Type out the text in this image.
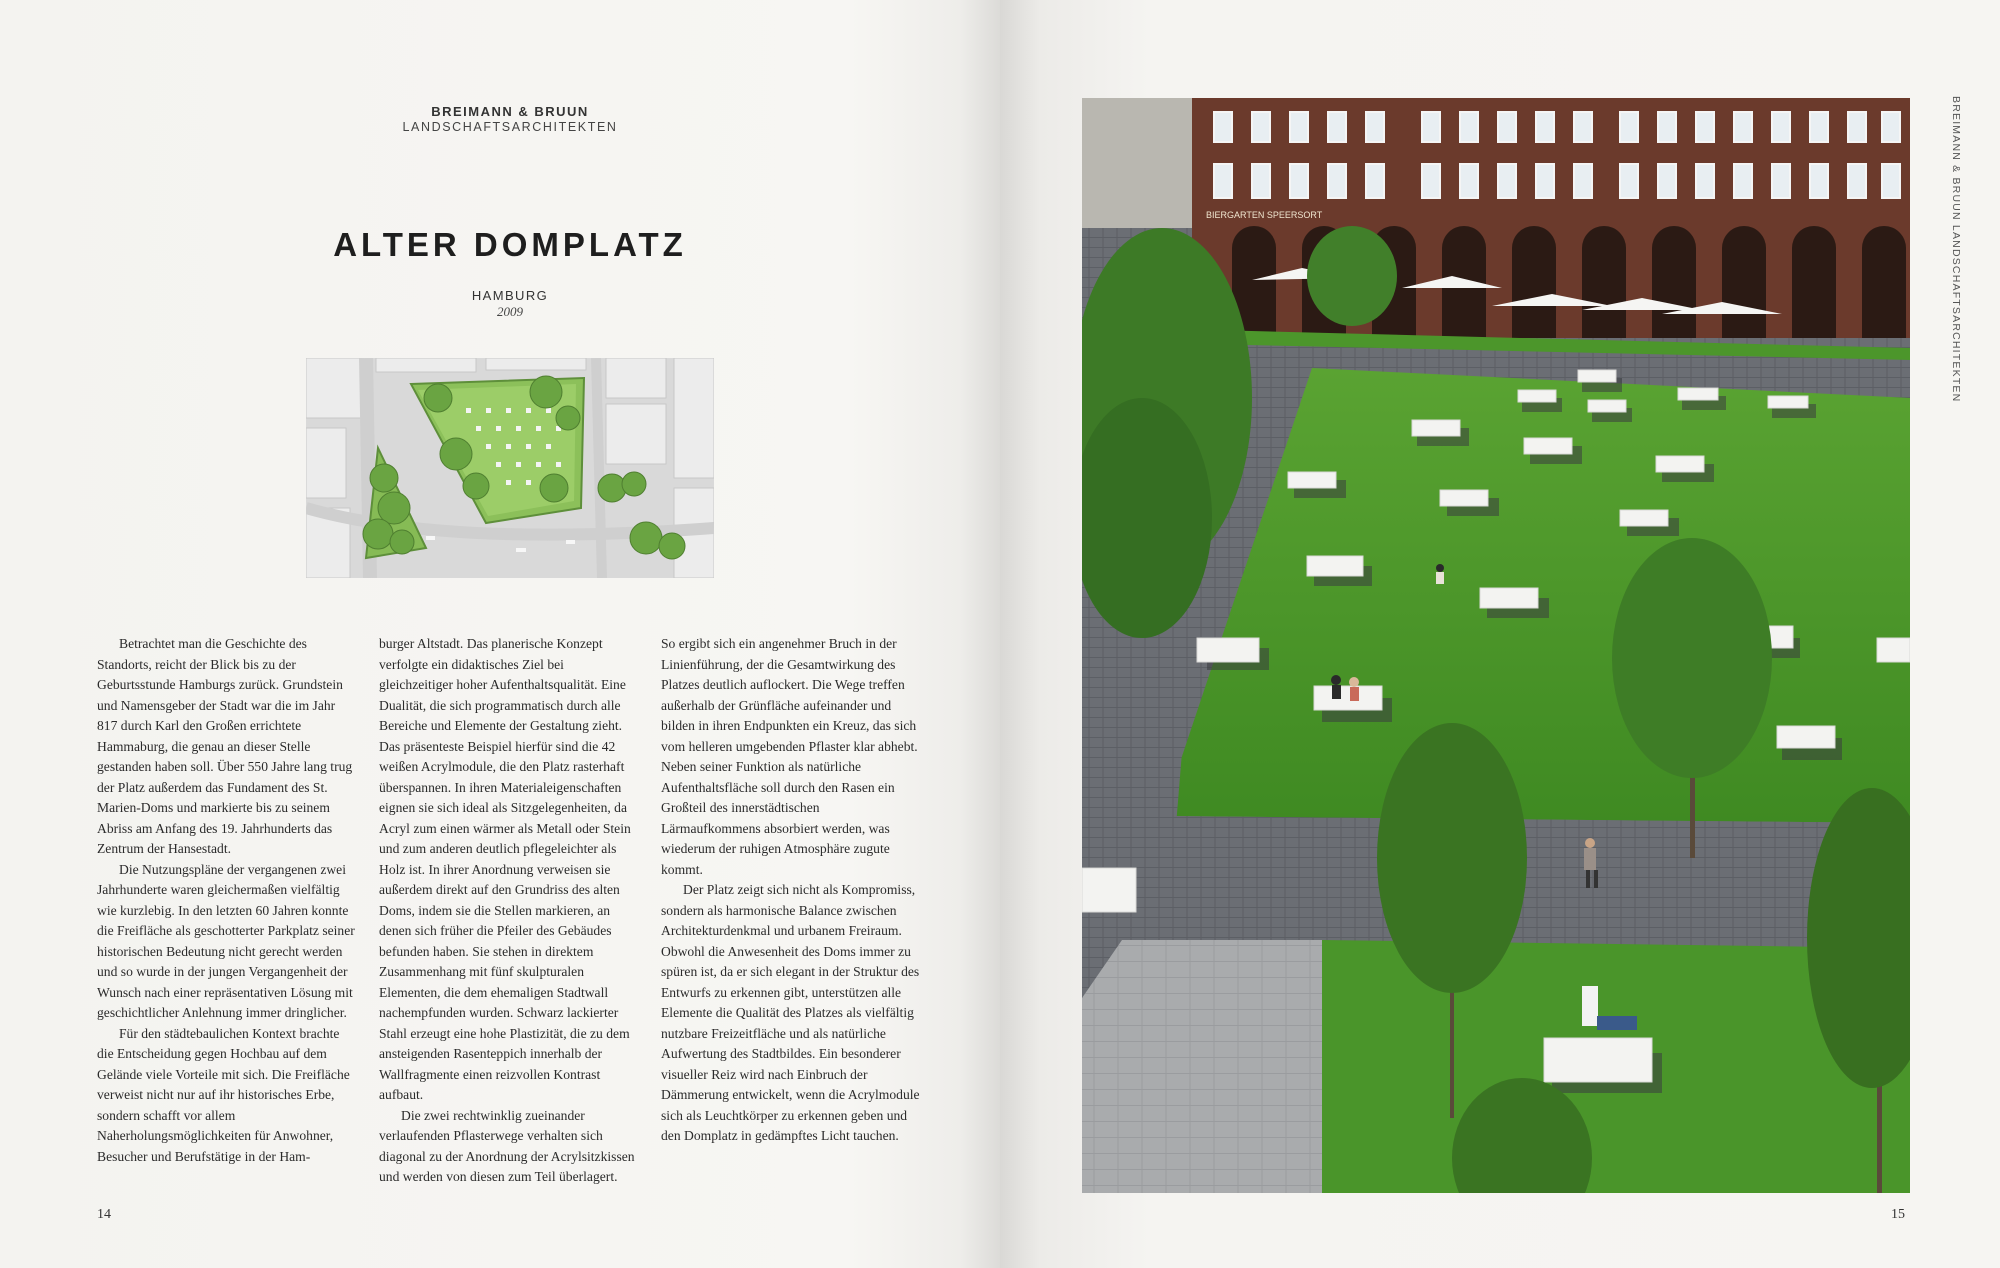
BREIMANN & BRUUN
LANDSCHAFTSARCHITEKTEN
ALTER DOMPLATZ
HAMBURG
2009

Betrachtet man die Geschichte des Standorts, reicht der Blick bis zu der Geburtsstunde Hamburgs zurück. Grundstein und Namensgeber der Stadt war die im Jahr 817 durch Karl den Großen errichtete Hammaburg, die genau an dieser Stelle gestanden haben soll. Über 550 Jahre lang trug der Platz außerdem das Fundament des St. Marien-Doms und markierte bis zu seinem Abriss am Anfang des 19. Jahrhunderts das Zentrum der Hansestadt.

Die Nutzungspläne der vergangenen zwei Jahrhunderte waren gleichermaßen vielfältig wie kurzlebig. In den letzten 60 Jahren konnte die Freifläche als geschotterter Parkplatz seiner historischen Bedeutung nicht gerecht werden und so wurde in der jungen Vergangenheit der Wunsch nach einer repräsentativen Lösung mit geschichtlicher Anlehnung immer dringlicher.

Für den städtebaulichen Kontext brachte die Entscheidung gegen Hochbau auf dem Gelände viele Vorteile mit sich. Die Freifläche verweist nicht nur auf ihr historisches Erbe, sondern schafft vor allem Naherholungsmöglichkeiten für Anwohner, Besucher und Berufstätige in der Ham-

burger Altstadt. Das planerische Konzept verfolgte ein didaktisches Ziel bei gleichzeitiger hoher Aufenthaltsqualität. Eine Dualität, die sich programmatisch durch alle Bereiche und Elemente der Gestaltung zieht. Das präsenteste Beispiel hierfür sind die 42 weißen Acrylmodule, die den Platz rasterhaft überspannen. In ihren Materialeigenschaften eignen sie sich ideal als Sitzgelegenheiten, da Acryl zum einen wärmer als Metall oder Stein und zum anderen deutlich pflegeleichter als Holz ist. In ihrer Anordnung verweisen sie außerdem direkt auf den Grundriss des alten Doms, indem sie die Stellen markieren, an denen sich früher die Pfeiler des Gebäudes befunden haben. Sie stehen in direktem Zusammenhang mit fünf skulpturalen Elementen, die dem ehemaligen Stadtwall nachempfunden wurden. Schwarz lackierter Stahl erzeugt eine hohe Plastizität, die zu dem ansteigenden Rasenteppich innerhalb der Wallfragmente einen reizvollen Kontrast aufbaut.

Die zwei rechtwinklig zueinander verlaufenden Pflasterwege verhalten sich diagonal zu der Anordnung der Acrylsitzkissen und werden von diesen zum Teil überlagert.

So ergibt sich ein angenehmer Bruch in der Linienführung, der die Gesamtwirkung des Platzes deutlich auflockert. Die Wege treffen außerhalb der Grünfläche aufeinander und bilden in ihren Endpunkten ein Kreuz, das sich vom helleren umgebenden Pflaster klar abhebt. Neben seiner Funktion als natürliche Aufenthaltsfläche soll durch den Rasen ein Großteil des innerstädtischen Lärmaufkommens absorbiert werden, was wiederum der ruhigen Atmosphäre zugute kommt.

Der Platz zeigt sich nicht als Kompromiss, sondern als harmonische Balance zwischen Architekturdenkmal und urbanem Freiraum. Obwohl die Anwesenheit des Doms immer zu spüren ist, da er sich elegant in der Struktur des Entwurfs zu erkennen gibt, unterstützen alle Elemente die Qualität des Platzes als vielfältig nutzbare Freizeitfläche und als natürliche Aufwertung des Stadtbildes. Ein besonderer visueller Reiz wird nach Einbruch der Dämmerung entwickelt, wenn die Acrylmodule sich als Leuchtkörper zu erkennen geben und den Domplatz in gedämpftes Licht tauchen.

14
BIERGARTEN SPEERSORT	BREIMANN & BRUUN LANDSCHAFTSARCHITEKTEN
15
